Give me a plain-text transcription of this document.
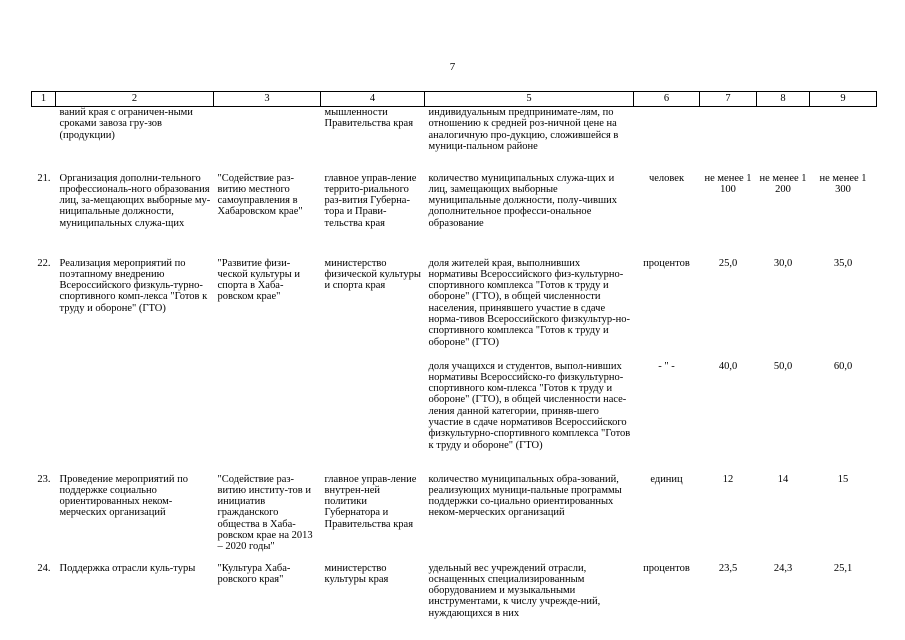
7
1	2	3	4	5	6	7	8	9
	ваний края с ограничен-ными сроками завоза гру-зов (продукции)		мышленности Правительства края	индивидуальным предпринимате-лям, по отношению к средней роз-ничной цене на аналогичную про-дукцию, сложившейся в муници-пальном районе				
21.	Организация дополни-тельного профессиональ-ного образования лиц, за-мещающих выборные му-ниципальные должности, муниципальных служа-щих	"Содействие раз-витию местного самоуправления в Хабаровском крае"	главное управ-ление террито-риального раз-вития Губерна-тора и Прави-тельства края	количество муниципальных служа-щих и лиц, замещающих выборные муниципальные должности, полу-чивших дополнительное професси-ональное образование	человек	не менее 1 100	не менее 1 200	не менее 1 300
22.	Реализация мероприятий по поэтапному внедрению Всероссийского физкуль-турно-спортивного комп-лекса "Готов к труду и обороне" (ГТО)	"Развитие физи-ческой культуры и спорта в Хаба-ровском крае"	министерство физической культуры и спорта края	доля жителей края, выполнивших нормативы Всероссийского физ-культурно-спортивного комплекса "Готов к труду и обороне" (ГТО), в общей численности населения, принявшего участие в сдаче норма-тивов Всероссийского физкультур-но-спортивного комплекса "Готов к труду и обороне" (ГТО)	процентов	25,0	30,0	35,0
				доля учащихся и студентов, выпол-нивших нормативы Всероссийско-го физкультурно-спортивного ком-плекса "Готов к труду и обороне" (ГТО), в общей численности насе-ления данной категории, приняв-шего участие в сдаче нормативов Всероссийского физкультурно-спортивного комплекса "Готов к труду и обороне" (ГТО)	- " -	40,0	50,0	60,0
23.	Проведение мероприятий по поддержке социально ориентированных неком-мерческих организаций	"Содействие раз-витию институ-тов и инициатив гражданского общества в Хаба-ровском крае на 2013 – 2020 годы"	главное управ-ление внутрен-ней политики Губернатора и Правительства края	количество муниципальных обра-зований, реализующих муници-пальные программы поддержки со-циально ориентированных неком-мерческих организаций	единиц	12	14	15
24.	Поддержка отрасли куль-туры	"Культура Хаба-ровского края"	министерство культуры края	удельный вес учреждений отрасли, оснащенных специализированным оборудованием и музыкальными инструментами, к числу учрежде-ний, нуждающихся в них	процентов	23,5	24,3	25,1
